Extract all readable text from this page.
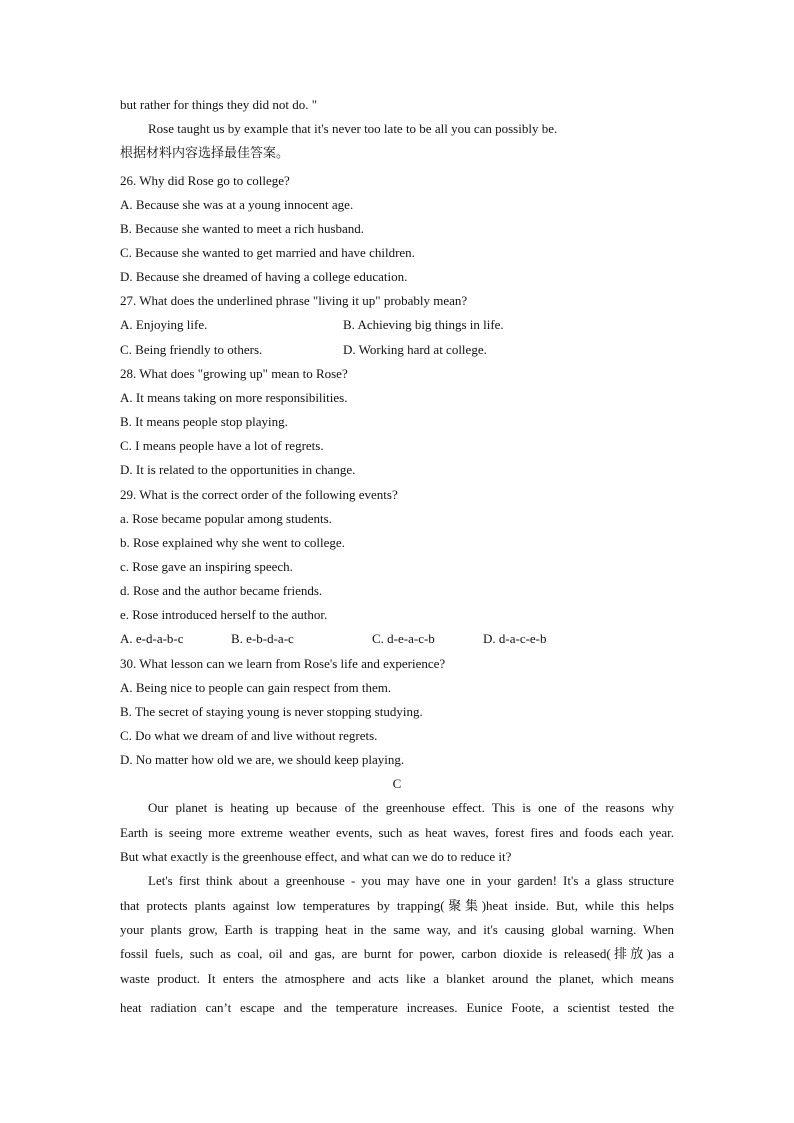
but rather for things they did not do. "
Rose taught us by example that it's never too late to be all you can possibly be.
根据材料内容选择最佳答案。
26. Why did Rose go to college?
A. Because she was at a young innocent age.
B. Because she wanted to meet a rich husband.
C. Because she wanted to get married and have children.
D. Because she dreamed of having a college education.
27. What does the underlined phrase "living it up" probably mean?
A. Enjoying life.	B. Achieving big things in life.
C. Being friendly to others.	D. Working hard at college.
28. What does "growing up" mean to Rose?
A. It means taking on more responsibilities.
B. It means people stop playing.
C. I means people have a lot of regrets.
D. It is related to the opportunities in change.
29. What is the correct order of the following events?
a. Rose became popular among students.
b. Rose explained why she went to college.
c. Rose gave an inspiring speech.
d. Rose and the author became friends.
e. Rose introduced herself to the author.
A. e-d-a-b-c	B. e-b-d-a-c	C. d-e-a-c-b	D. d-a-c-e-b
30. What lesson can we learn from Rose's life and experience?
A. Being nice to people can gain respect from them.
B. The secret of staying young is never stopping studying.
C. Do what we dream of and live without regrets.
D. No matter how old we are, we should keep playing.
C
Our planet is heating up because of the greenhouse effect. This is one of the reasons why
Earth is seeing more extreme weather events, such as heat waves, forest fires and foods each year.
But what exactly is the greenhouse effect, and what can we do to reduce it?
Let's first think about a greenhouse - you may have one in your garden! It's a glass structure
that protects plants against low temperatures by trapping(聚集)heat inside. But, while this helps
your plants grow, Earth is trapping heat in the same way, and it's causing global warning. When
fossil fuels, such as coal, oil and gas, are burnt for power, carbon dioxide is released(排放)as a
waste product. It enters the atmosphere and acts like a blanket around the planet, which means
heat radiation can’t escape and the temperature increases. Eunice Foote, a scientist tested the
